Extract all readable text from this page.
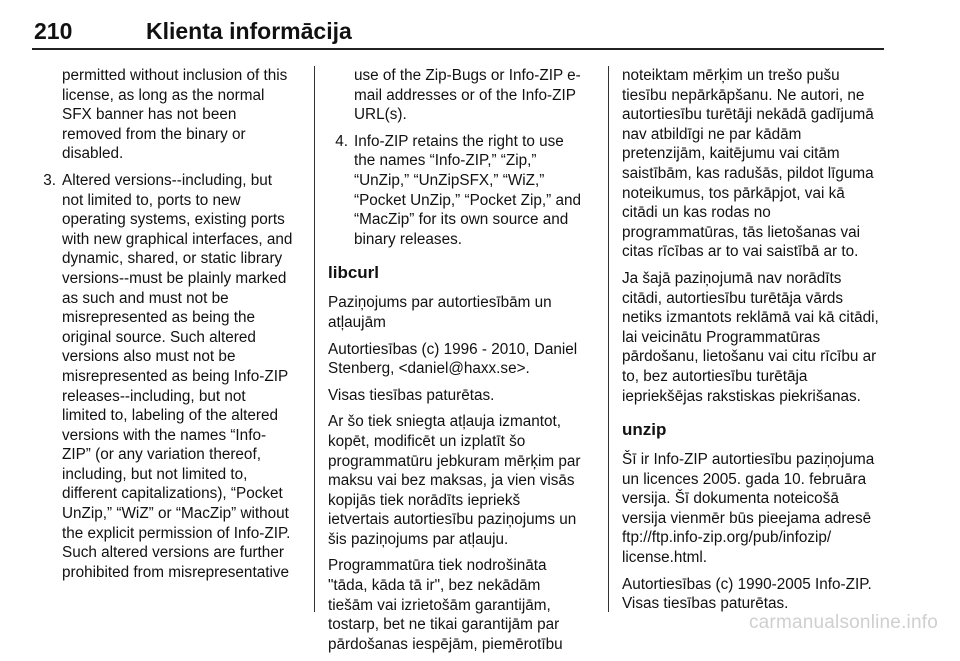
210	Klienta informācija
permitted without inclusion of this
license, as long as the normal
SFX banner has not been
removed from the binary or
disabled.
3. Altered versions--including, but
not limited to, ports to new
operating systems, existing ports
with new graphical interfaces, and
dynamic, shared, or static library
versions--must be plainly marked
as such and must not be
misrepresented as being the
original source. Such altered
versions also must not be
misrepresented as being Info-ZIP
releases--including, but not
limited to, labeling of the altered
versions with the names “Info-
ZIP” (or any variation thereof,
including, but not limited to,
different capitalizations), “Pocket
UnZip,” “WiZ” or “MacZip” without
the explicit permission of Info-ZIP.
Such altered versions are further
prohibited from misrepresentative
use of the Zip-Bugs or Info-ZIP e-
mail addresses or of the Info-ZIP
URL(s).
4. Info-ZIP retains the right to use
the names “Info-ZIP,” “Zip,”
“UnZip,” “UnZipSFX,” “WiZ,”
“Pocket UnZip,” “Pocket Zip,” and
“MacZip” for its own source and
binary releases.
libcurl
Paziņojums par autortiesībām un
atļaujām
Autortiesības (c) 1996 - 2010, Daniel
Stenberg, <daniel@haxx.se>.
Visas tiesības paturētas.
Ar šo tiek sniegta atļauja izmantot,
kopēt, modificēt un izplatīt šo
programmatūru jebkuram mērķim par
maksu vai bez maksas, ja vien visās
kopijās tiek norādīts iepriekš
ietvertais autortiesību paziņojums un
šis paziņojums par atļauju.
Programmatūra tiek nodrošināta
"tāda, kāda tā ir", bez nekādām
tiešām vai izrietošām garantijām,
tostarp, bet ne tikai garantijām par
pārdošanas iespējām, piemērotību
noteiktam mērķim un trešo pušu
tiesību nepārkāpšanu. Ne autori, ne
autortiesību turētāji nekādā gadījumā
nav atbildīgi ne par kādām
pretenzijām, kaitējumu vai citām
saistībām, kas radušās, pildot līguma
noteikumus, tos pārkāpjot, vai kā
citādi un kas rodas no
programmatūras, tās lietošanas vai
citas rīcības ar to vai saistībā ar to.
Ja šajā paziņojumā nav norādīts
citādi, autortiesību turētāja vārds
netiks izmantots reklāmā vai kā citādi,
lai veicinātu Programmatūras
pārdošanu, lietošanu vai citu rīcību ar
to, bez autortiesību turētāja
iepriekšējas rakstiskas piekrišanas.
unzip
Šī ir Info-ZIP autortiesību paziņojuma
un licences 2005. gada 10. februāra
versija. Šī dokumenta noteicošā
versija vienmēr būs pieejama adresē
ftp://ftp.info-zip.org/pub/infozip/
license.html.
Autortiesības (c) 1990-2005 Info-ZIP.
Visas tiesības paturētas.
carmanualsonline.info
